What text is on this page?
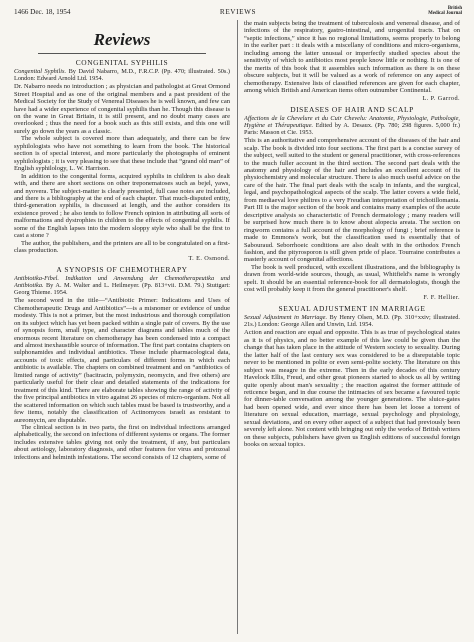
1466 Dec. 18, 1954	REVIEWS	British
Medical Journal
Reviews
CONGENITAL SYPHILIS
Congenital Syphilis. By David Nabarro, M.D., F.R.C.P. (Pp. 470; illustrated. 50s.) London: Edward Arnold Ltd. 1954.

Dr. Nabarro needs no introduction ; as physician and pathologist at Great Ormond Street Hospital and as one of the original members and a past president of the Medical Society for the Study of Venereal Diseases he is well known, and few can have had a wider experience of congenital syphilis than he. Though this disease is on the wane in Great Britain, it is still present, and no doubt many cases are overlooked ; thus the need for a book such as this still exists, and this one will surely go down the years as a classic.

The whole subject is covered more than adequately, and there can be few syphilologists who have not something to learn from the book. The historical section is of special interest, and more particularly the photographs of eminent syphilologists ; it is very pleasing to see that these include that “grand old man” of English syphilology, L. W. Harrison.

In addition to the congenital forms, acquired syphilis in children is also dealt with, and there are short sections on other treponematoses such as bejel, yaws, and nyovera. The subject-matter is clearly presented, full case notes are included, and there is a bibliography at the end of each chapter. That much-disputed entity, third-generation syphilis, is discussed at length, and the author considers its existence proved ; he also tends to follow French opinion in attributing all sorts of malformations and dystrophies in children to the effects of congenital syphilis. If some of the English lapses into the modern sloppy style who shall be the first to cast a stone ?

The author, the publishers, and the printers are all to be congratulated on a first-class production.

T. E. Osmond.
A SYNOPSIS OF CHEMOTHERAPY
Antibiotika-Fibel. Indikation und Anwendung der Chemotherapeutika und Antibiotika. By A. M. Walter and L. Heilmeyer. (Pp. 813+vii. D.M. 79.) Stuttgart: Georg Thieme. 1954.

The second word in the title—“Antibiotic Primer: Indications and Uses of Chemotherapeutic Drugs and Antibiotics”—is a misnomer or evidence of undue modesty. This is not a primer, but the most industrious and thorough compilation on its subject which has yet been packed within a single pair of covers. By the use of synopsis form, small type, and character diagrams and tables much of the enormous recent literature on chemotherapy has been condensed into a compact and almost inexhaustible source of information. The first part contains chapters on sulphonamides and individual antibiotics. These include pharmacological data, accounts of toxic effects, and particulars of different forms in which each antibiotic is available. The chapters on combined treatment and on “antibiotics of limited range of activity” (bacitracin, polymyxin, neomycin, and five others) are particularly useful for their clear and detailed statements of the indications for treatment of this kind. There are elaborate tables showing the range of activity of the five principal antibiotics in vitro against 26 species of micro-organism. Not all the scattered information on which such tables must be based is trustworthy, and a few items, notably the classification of Actinomyces israeli as resistant to aureomycin, are disputable.

The clinical section is in two parts, the first on individual infections arranged alphabetically, the second on infections of different systems or organs. The former includes extensive tables giving not only the treatment, if any, but particulars about aetiology, laboratory diagnosis, and other features for virus and protozoal infections and helminth infestations. The second consists of 12 chapters, some of

the main subjects being the treatment of tuberculosis and venereal disease, and of infections of the respiratory, gastro-intestinal, and urogenital tracts. That on “septic infections,” since it has no regional limitations, seems properly to belong in the earlier part : it deals with a miscellany of conditions and micro-organisms, including among the latter unusual or imperfectly studied species about the sensitivity of which to antibiotics most people know little or nothing. It is one of the merits of this book that it assembles such information as there is on these obscure subjects, but it will be valued as a work of reference on any aspect of chemotherapy. Extensive lists of classified references are given for each chapter, among which British and American items often outnumber Continental.

L. P. Garrod.
DISEASES OF HAIR AND SCALP
Affections de la Chevelure et du Cuir Chevelu: Anatomie, Physiologie, Pathologie, Hygiène et Thérapeutique. Edited by A. Desaux. (Pp. 780; 298 figures. 5,000 fr.) Paris: Masson et Cie. 1953.

This is an authoritative and comprehensive account of the diseases of the hair and scalp. The book is divided into four sections. The first part is a concise survey of the subject, well suited to the student or general practitioner, with cross-references to the much fuller account in the third section. The second part deals with the anatomy and physiology of the hair and includes an excellent account of its physiochemistry and molecular structure. There is also much useful advice on the care of the hair. The final part deals with the scalp in infants, and the surgical, legal, and psychopathological aspects of the scalp. The latter covers a wide field, from mediaeval love philtres to a very Freudian interpretation of trichotillomania. Part III is the major section of the book and contains many examples of the acute descriptive analysis so characteristic of French dermatology ; many readers will be surprised how much there is to know about alopecia areata. The section on ringworm contains a full account of the morphology of fungi ; brief reference is made to Emmons's work, but the classification used is essentially that of Sabouraud. Seborrhoeic conditions are also dealt with in the orthodox French fashion, and the pityrosporon is still given pride of place. Tourraine contributes a masterly account of congenital affections.

The book is well produced, with excellent illustrations, and the bibliography is drawn from world-wide sources, though, as usual, Whitfield's name is wrongly spelt. It should be an essential reference-book for all dermatologists, though the cost will probably keep it from the general practitioner's shelf.

F. F. Hellier.
SEXUAL ADJUSTMENT IN MARRIAGE
Sexual Adjustment in Marriage. By Henry Olsen, M.D. (Pp. 310+xxiv; illustrated. 21s.) London: George Allen and Unwin, Ltd. 1954.

Action and reaction are equal and opposite. This is as true of psychological states as it is of physics, and no better example of this law could be given than the change that has taken place in the attitude of Western society to sexuality. During the latter half of the last century sex was considered to be a disreputable topic never to be mentioned in polite or even semi-polite society. The literature on this subject was meagre in the extreme. Then in the early decades of this century Havelock Ellis, Freud, and other great pioneers started to shock us all by writing quite openly about man's sexuality ; the reaction against the former attitude of reticence began, and in due course the intimacies of sex became a favoured topic for dinner-table conversation among the younger generations. The sluice-gates had been opened wide, and ever since there has been let loose a torrent of literature on sexual education, marriage, sexual psychology and physiology, sexual deviations, and on every other aspect of a subject that had previously been severely left alone. Not content with bringing out only the works of British writers on these subjects, publishers have given us English editions of successful foreign books on sexual topics.
